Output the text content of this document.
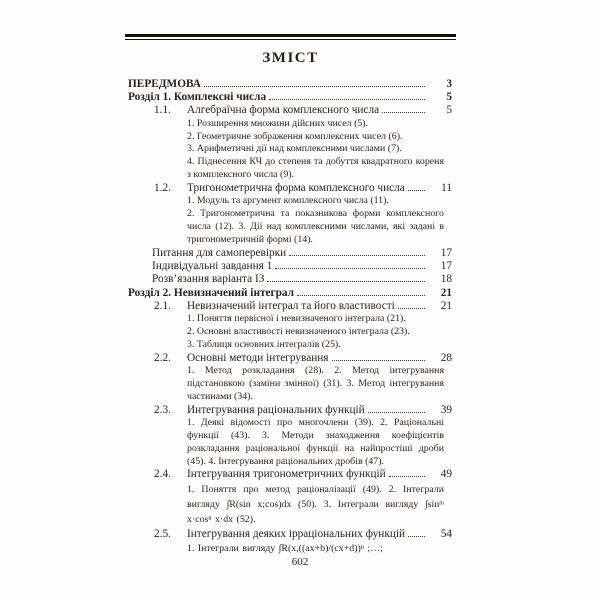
ЗМІСТ
ПЕРЕДМОВА	3
Розділ 1. Комплексні числа	5
1.1.	Алгебраїчна форма комплексного числа	5
1. Розширення множини дійсних чисел (5).
2. Геометричне зображення комплексних чисел (6).
3. Арифметичні дії над комплексними числами (7).
4. Піднесення КЧ до степеня та добуття квадратного кореня з комплексного числа (9).
1.2.	Тригонометрична форма комплексного числа	11
1. Модуль та аргумент комплексного числа (11).
2. Тригонометрична та показникова форми комплексного числа (12). 3. Дії над комплексними числами, які задані в тригонометричній формі (14).
Питання для самоперевірки	17
Індивідуальні завдання 1	17
Розв’язання варіанта ІЗ	18
Розділ 2. Невизначений інтеграл	21
2.1.	Невизначений інтеграл та його властивості	21
1. Поняття первісної і невизначеного інтеграла (21).
2. Основні властивості невизначеного інтеграла (23).
3. Таблиця основних інтегралів (25).
2.2.	Основні методи інтегрування	28
1. Метод розкладання (28). 2. Метод інтегрування підстановкою (заміни змінної) (31). 3. Метод інтегрування частинами (34).
2.3.	Интегрування раціональних функцій	39
1. Деякі відомості про многочлени (39). 2. Раціональні функції (43). 3. Методи знаходження коефіцієнтів розкладання раціональної функції на найпростіші дроби (45). 4. Інтегрування раціональних дробів (47).
2.4.	Інтегрування тригонометричних функцій	49
1. Поняття про метод раціоналізації (49). 2. Інтеграли вигляду ∫R(sin x;cos)dx (50). 3. Інтеграли вигляду ∫sinᵐ x·cosⁿ x·dx (52).
2.5.	Інтегрування деяких ірраціональних функцій	54
1. Інтеграли вигляду ∫R(x,((ax+b)/(cx+d))ⁿ ;…;
602
